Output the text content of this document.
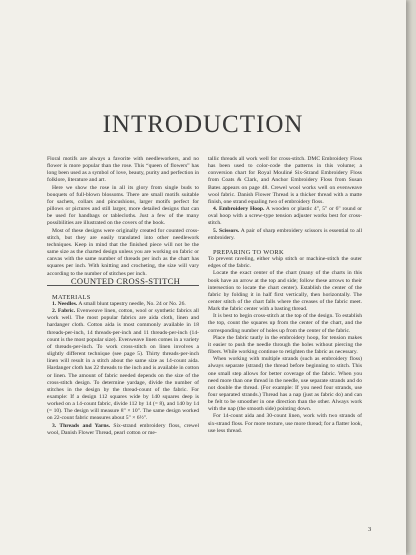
INTRODUCTION

Floral motifs are always a favorite with needleworkers, and no flower is more popular than the rose. This “queen of flowers” has long been used as a symbol of love, beauty, purity and perfection in folklore, literature and art.

Here we show the rose in all its glory from single buds to bouquets of full-blown blossoms. There are small motifs suitable for sachets, collars and pincushions, larger motifs perfect for pillows or pictures and still larger, more detailed designs that can be used for handbags or tablecloths. Just a few of the many possibilities are illustrated on the covers of the book.

Most of these designs were originally created for counted cross-stitch, but they are easily translated into other needlework techniques. Keep in mind that the finished piece will not be the same size as the charted design unless you are working on fabric or canvas with the same number of threads per inch as the chart has squares per inch. With knitting and crocheting, the size will vary according to the number of stitches per inch.

COUNTED CROSS-STITCH

MATERIALS

1. Needles. A small blunt tapestry needle, No. 24 or No. 26.

2. Fabric. Evenweave linen, cotton, wool or synthetic fabrics all work well. The most popular fabrics are aida cloth, linen and hardanger cloth. Cotton aida is most commonly available in 18 threads-per-inch, 14 threads-per-inch and 11 threads-per-inch (14-count is the most popular size). Evenweave linen comes in a variety of threads-per-inch. To work cross-stitch on linen involves a slightly different technique (see page 5). Thirty threads-per-inch linen will result in a stitch about the same size as 14-count aida. Hardanger cloth has 22 threads to the inch and is available in cotton or linen. The amount of fabric needed depends on the size of the cross-stitch design. To determine yardage, divide the number of stitches in the design by the thread-count of the fabric. For example: If a design 112 squares wide by 140 squares deep is worked on a 14-count fabric, divide 112 by 14 (= 8), and 140 by 14 (= 10). The design will measure 8" × 10". The same design worked on 22-count fabric measures about 5" × 6½".

3. Threads and Yarns. Six-strand embroidery floss, crewel wool, Danish Flower Thread, pearl cotton or me-

tallic threads all work well for cross-stitch. DMC Embroidery Floss has been used to color-code the patterns in this volume; a conversion chart for Royal Mouliné Six-Strand Embroidery Floss from Coats & Clark, and Anchor Embroidery Floss from Susan Bates appears on page 48. Crewel wool works well on evenweave wool fabric. Danish Flower Thread is a thicker thread with a matte finish, one strand equaling two of embroidery floss.

4. Embroidery Hoop. A wooden or plastic 4", 5" or 6" round or oval hoop with a screw-type tension adjuster works best for cross-stitch.

5. Scissors. A pair of sharp embroidery scissors is essential to all embroidery.

PREPARING TO WORK

To prevent raveling, either whip stitch or machine-stitch the outer edges of the fabric.

Locate the exact center of the chart (many of the charts in this book have an arrow at the top and side; follow these arrows to their intersection to locate the chart center). Establish the center of the fabric by folding it in half first vertically, then horizontally. The center stitch of the chart falls where the creases of the fabric meet. Mark the fabric center with a basting thread.

It is best to begin cross-stitch at the top of the design. To establish the top, count the squares up from the center of the chart, and the corresponding number of holes up from the center of the fabric.

Place the fabric tautly in the embroidery hoop, for tension makes it easier to push the needle through the holes without piercing the fibers. While working continue to retighten the fabric as necessary.

When working with multiple strands (such as embroidery floss) always separate (strand) the thread before beginning to stitch. This one small step allows for better coverage of the fabric. When you need more than one thread in the needle, use separate strands and do not double the thread. (For example: If you need four strands, use four separated strands.) Thread has a nap (just as fabric do) and can be felt to be smoother in one direction than the other. Always work with the nap (the smooth side) pointing down.

For 14-count aida and 30-count linen, work with two strands of six-strand floss. For more texture, use more thread; for a flatter look, use less thread.

3
